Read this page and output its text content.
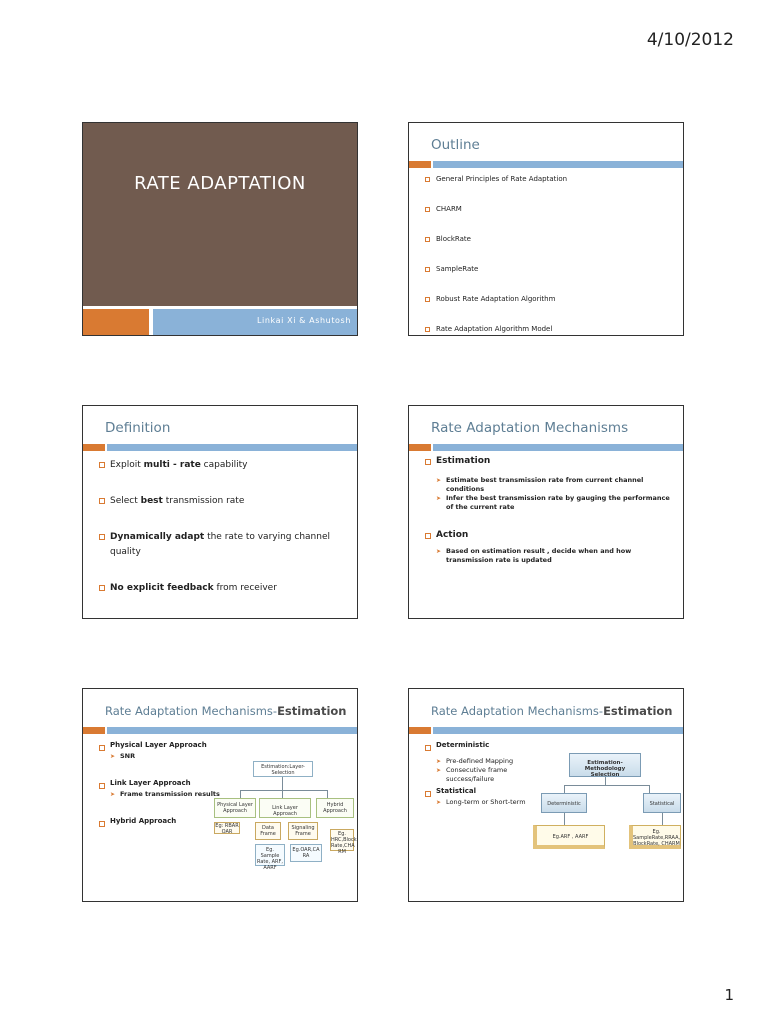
4/10/2012
RATE ADAPTATION
Linkai Xi & Ashutosh
Outline
General Principles of Rate Adaptation
CHARM
BlockRate
SampleRate
Robust Rate Adaptation Algorithm
Rate Adaptation Algorithm Model
Definition
Exploit multi - rate capability
Select best transmission rate
Dynamically adapt the rate to varying channel quality
No explicit feedback from receiver
Rate Adaptation Mechanisms
Estimation
➤ Estimate best transmission rate from current channel conditions
➤ Infer the best transmission rate by gauging the performance of the current rate
Action
➤ Based on estimation result , decide when and how transmission rate is updated
Rate Adaptation Mechanisms-Estimation
Physical Layer Approach
➤ SNR
Link Layer Approach
➤ Frame transmission results
Hybrid Approach
Estimation:Layer-Selection
Physical Layer Approach	Link Layer Approach
Hybrid Approach
Eg: RBAR OAR
Data Frame
Signaling Frame	Eg. HRC,Block Rate,CHA RM
Eg. Sample Rate, ARF, AARF
Eg.OAR,CA RA
Rate Adaptation Mechanisms-Estimation
Deterministic
➤ Pre-defined Mapping
➤ Consecutive frame success/failure
Statistical
➤ Long-term or Short-term
Estimation-Methodology Selection
Deterministic	Statistical
Eg.ARF , AARF
Eg. SampleRate,RRAA, BlockRate, CHARM
1
